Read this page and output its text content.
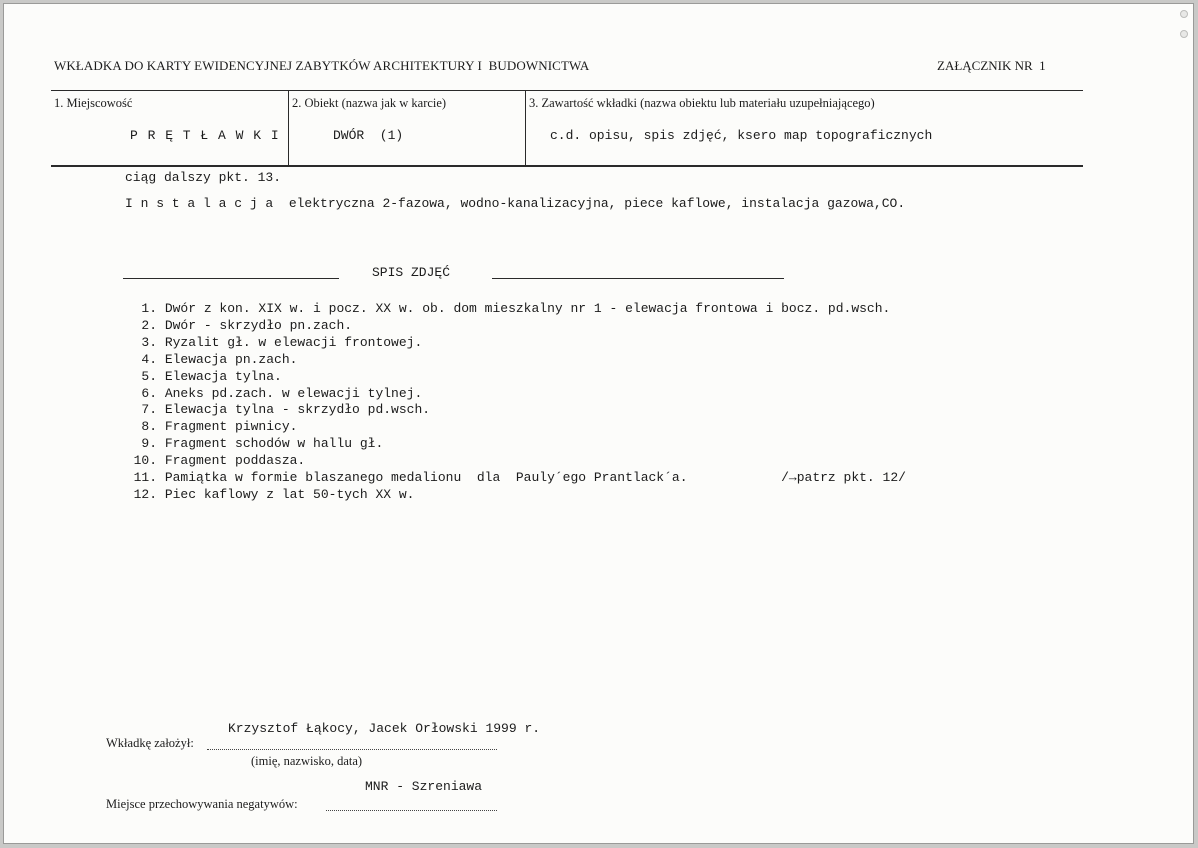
WKŁADKA DO KARTY EWIDENCYJNEJ ZABYTKÓW ARCHITEKTURY I  BUDOWNICTWA	ZAŁĄCZNIK NR  1
1. Miejscowość
P R Ę T Ł A W K I
2. Obiekt (nazwa jak w karcie)
DWÓR  (1)
3. Zawartość wkładki (nazwa obiektu lub materiału uzupełniającego)
c.d. opisu, spis zdjęć, ksero map topograficznych
ciąg dalszy pkt. 13.
I n s t a l a c j a  elektryczna 2-fazowa, wodno-kanalizacyjna, piece kaflowe, instalacja gazowa,CO.
SPIS ZDJĘĆ
1. Dwór z kon. XIX w. i pocz. XX w. ob. dom mieszkalny nr 1 - elewacja frontowa i bocz. pd.wsch.
2. Dwór - skrzydło pn.zach.
3. Ryzalit gł. w elewacji frontowej.
4. Elewacja pn.zach.
5. Elewacja tylna.
6. Aneks pd.zach. w elewacji tylnej.
7. Elewacja tylna - skrzydło pd.wsch.
8. Fragment piwnicy.
9. Fragment schodów w hallu gł.
10. Fragment poddasza.
11. Pamiątka w formie blaszanego medalionu  dla  Pauly´ego Prantlack´a.            /→patrz pkt. 12/
12. Piec kaflowy z lat 50-tych XX w.
Krzysztof Łąkocy, Jacek Orłowski 1999 r.
Wkładkę założył:
(imię, nazwisko, data)
MNR - Szreniawa
Miejsce przechowywania negatywów:
